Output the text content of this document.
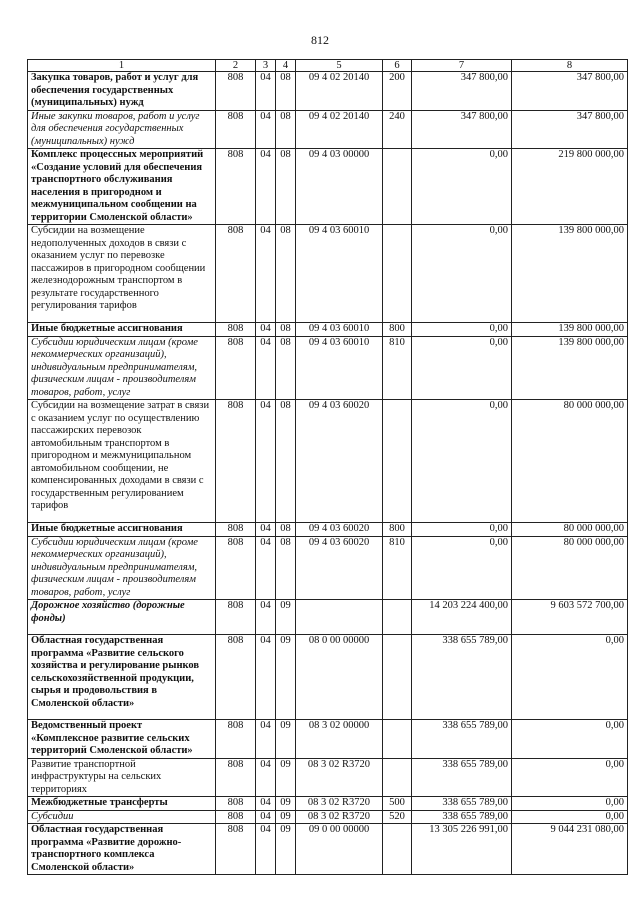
812
1	2	3	4	5	6	7	8
Закупка товаров, работ и услуг для обеспечения государственных (муниципальных) нужд	808	04	08	09 4 02 20140	200	347 800,00	347 800,00
Иные закупки товаров, работ и услуг для обеспечения государственных (муниципальных) нужд	808	04	08	09 4 02 20140	240	347 800,00	347 800,00
Комплекс процессных мероприятий «Создание условий для обеспечения транспортного обслуживания населения в пригородном и межмуниципальном сообщении на территории Смоленской области»	808	04	08	09 4 03 00000		0,00	219 800 000,00
Субсидии на возмещение недополученных доходов в связи с оказанием услуг по перевозке пассажиров в пригородном сообщении железнодорожным транспортом в результате государственного регулирования тарифов	808	04	08	09 4 03 60010		0,00	139 800 000,00
Иные бюджетные ассигнования	808	04	08	09 4 03 60010	800	0,00	139 800 000,00
Субсидии юридическим лицам (кроме некоммерческих организаций), индивидуальным предпринимателям, физическим лицам - производителям товаров, работ, услуг	808	04	08	09 4 03 60010	810	0,00	139 800 000,00
Субсидии на возмещение затрат в связи с оказанием услуг по осуществлению пассажирских перевозок автомобильным транспортом в пригородном и межмуниципальном автомобильном сообщении, не компенсированных доходами в связи с государственным регулированием тарифов	808	04	08	09 4 03 60020		0,00	80 000 000,00
Иные бюджетные ассигнования	808	04	08	09 4 03 60020	800	0,00	80 000 000,00
Субсидии юридическим лицам (кроме некоммерческих организаций), индивидуальным предпринимателям, физическим лицам - производителям товаров, работ, услуг	808	04	08	09 4 03 60020	810	0,00	80 000 000,00
Дорожное хозяйство (дорожные фонды)	808	04	09			14 203 224 400,00	9 603 572 700,00
Областная государственная программа «Развитие сельского хозяйства и регулирование рынков сельскохозяйственной продукции, сырья и продовольствия в Смоленской области»	808	04	09	08 0 00 00000		338 655 789,00	0,00
Ведомственный проект «Комплексное развитие сельских территорий Смоленской области»	808	04	09	08 3 02 00000		338 655 789,00	0,00
Развитие транспортной инфраструктуры на сельских территориях	808	04	09	08 3 02 R3720		338 655 789,00	0,00
Межбюджетные трансферты	808	04	09	08 3 02 R3720	500	338 655 789,00	0,00
Субсидии	808	04	09	08 3 02 R3720	520	338 655 789,00	0,00
Областная государственная программа «Развитие дорожно-транспортного комплекса Смоленской области»	808	04	09	09 0 00 00000		13 305 226 991,00	9 044 231 080,00
